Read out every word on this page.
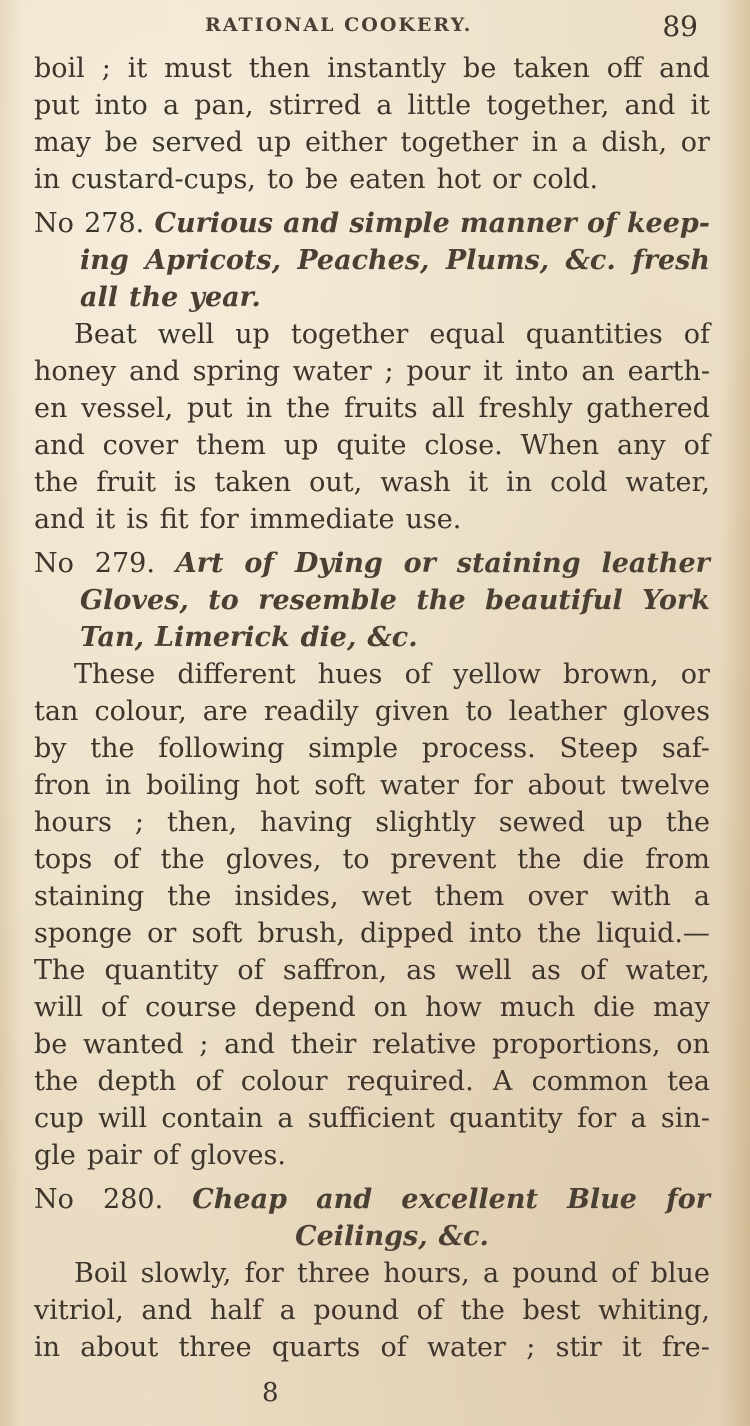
RATIONAL COOKERY.	89
boil ; it must then instantly be taken off and
put into a pan, stirred a little together, and it
may be served up either together in a dish, or
in custard-cups, to be eaten hot or cold.
No 278. Curious and simple manner of keep-
ing Apricots, Peaches, Plums, &c. fresh
all the year.
Beat well up together equal quantities of
honey and spring water ; pour it into an earth-
en vessel, put in the fruits all freshly gathered
and cover them up quite close. When any of
the fruit is taken out, wash it in cold water,
and it is fit for immediate use.
No 279. Art of Dying or staining leather
Gloves, to resemble the beautiful York
Tan, Limerick die, &c.
These different hues of yellow brown, or
tan colour, are readily given to leather gloves
by the following simple process. Steep saf-
fron in boiling hot soft water for about twelve
hours ; then, having slightly sewed up the
tops of the gloves, to prevent the die from
staining the insides, wet them over with a
sponge or soft brush, dipped into the liquid.—
The quantity of saffron, as well as of water,
will of course depend on how much die may
be wanted ; and their relative proportions, on
the depth of colour required. A common tea
cup will contain a sufficient quantity for a sin-
gle pair of gloves.
No 280. Cheap and excellent Blue for
Ceilings, &c.
Boil slowly, for three hours, a pound of blue
vitriol, and half a pound of the best whiting,
in about three quarts of water ; stir it fre-
8
